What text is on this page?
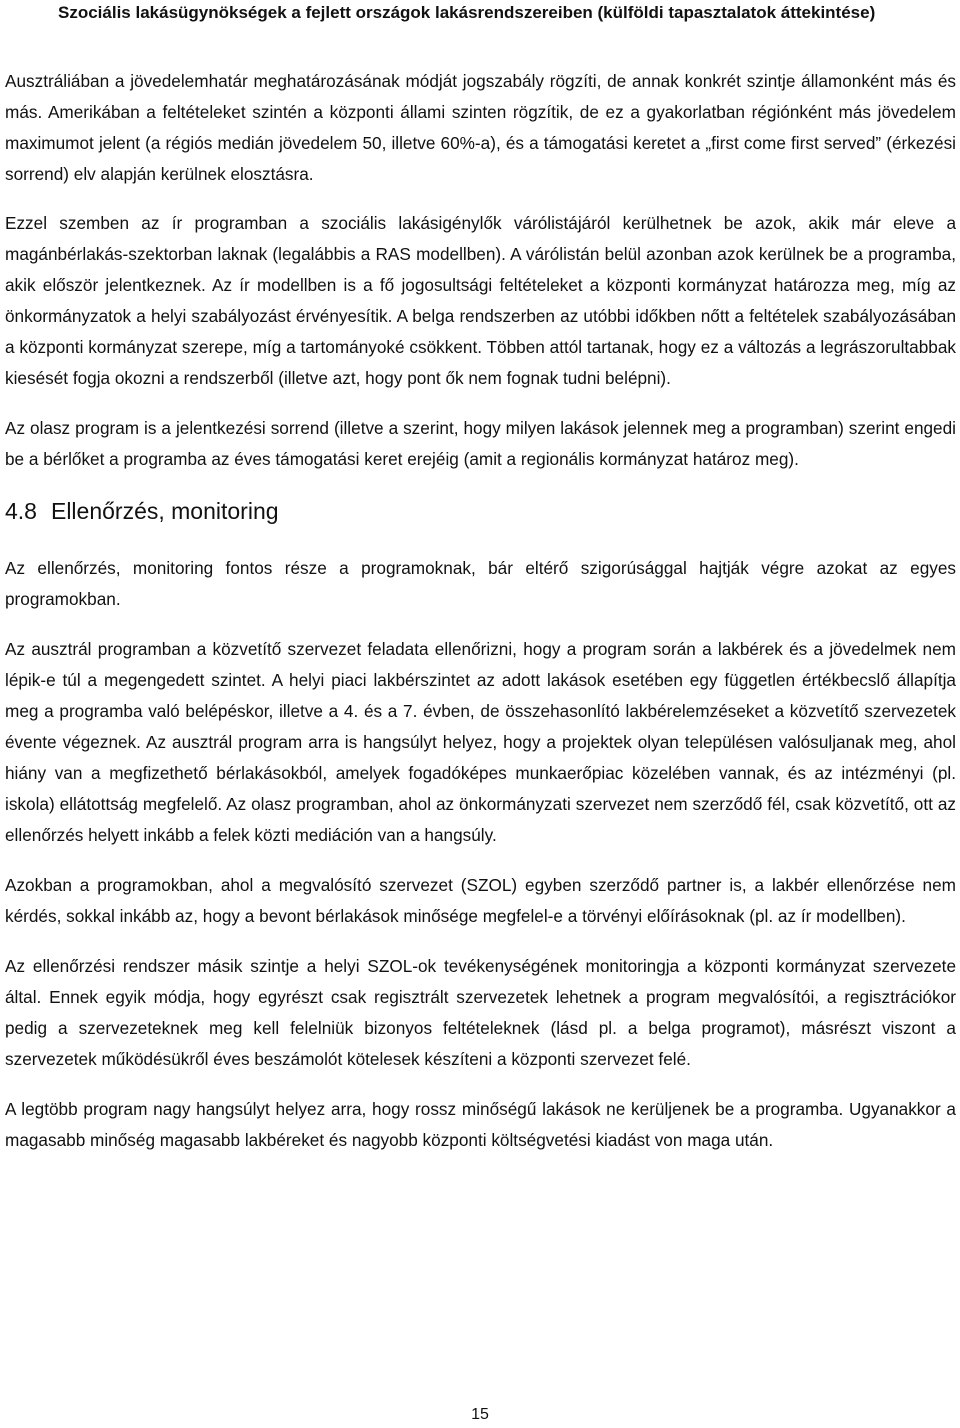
Szociális lakásügynökségek a fejlett országok lakásrendszereiben (külföldi tapasztalatok áttekintése)

Ausztráliában a jövedelemhatár meghatározásának módját jogszabály rögzíti, de annak konkrét szintje államonként más és más. Amerikában a feltételeket szintén a központi állami szinten rögzítik, de ez a gyakorlatban régiónként más jövedelem maximumot jelent (a régiós medián jövedelem 50, illetve 60%-a), és a támogatási keretet a „first come first served” (érkezési sorrend) elv alapján kerülnek elosztásra.

Ezzel szemben az ír programban a szociális lakásigénylők várólistájáról kerülhetnek be azok, akik már eleve a magánbérlakás-szektorban laknak (legalábbis a RAS modellben). A várólistán belül azonban azok kerülnek be a programba, akik először jelentkeznek. Az ír modellben is a fő jogosultsági feltételeket a központi kormányzat határozza meg, míg az önkormányzatok a helyi szabályozást érvényesítik. A belga rendszerben az utóbbi időkben nőtt a feltételek szabályozásában a központi kormányzat szerepe, míg a tartományoké csökkent. Többen attól tartanak, hogy ez a változás a legrászorultabbak kiesését fogja okozni a rendszerből (illetve azt, hogy pont ők nem fognak tudni belépni).

Az olasz program is a jelentkezési sorrend (illetve a szerint, hogy milyen lakások jelennek meg a programban) szerint engedi be a bérlőket a programba az éves támogatási keret erejéig (amit a regionális kormányzat határoz meg).

4.8 Ellenőrzés, monitoring

Az ellenőrzés, monitoring fontos része a programoknak, bár eltérő szigorúsággal hajtják végre azokat az egyes programokban.

Az ausztrál programban a közvetítő szervezet feladata ellenőrizni, hogy a program során a lakbérek és a jövedelmek nem lépik-e túl a megengedett szintet. A helyi piaci lakbérszintet az adott lakások esetében egy független értékbecslő állapítja meg a programba való belépéskor, illetve a 4. és a 7. évben, de összehasonlító lakbérelemzéseket a közvetítő szervezetek évente végeznek. Az ausztrál program arra is hangsúlyt helyez, hogy a projektek olyan településen valósuljanak meg, ahol hiány van a megfizethető bérlakásokból, amelyek fogadóképes munkaerőpiac közelében vannak, és az intézményi (pl. iskola) ellátottság megfelelő. Az olasz programban, ahol az önkormányzati szervezet nem szerződő fél, csak közvetítő, ott az ellenőrzés helyett inkább a felek közti mediáción van a hangsúly.

Azokban a programokban, ahol a megvalósító szervezet (SZOL) egyben szerződő partner is, a lakbér ellenőrzése nem kérdés, sokkal inkább az, hogy a bevont bérlakások minősége megfelel-e a törvényi előírásoknak (pl. az ír modellben).

Az ellenőrzési rendszer másik szintje a helyi SZOL-ok tevékenységének monitoringja a központi kormányzat szervezete által. Ennek egyik módja, hogy egyrészt csak regisztrált szervezetek lehetnek a program megvalósítói, a regisztrációkor pedig a szervezeteknek meg kell felelniük bizonyos feltételeknek (lásd pl. a belga programot), másrészt viszont a szervezetek működésükről éves beszámolót kötelesek készíteni a központi szervezet felé.

A legtöbb program nagy hangsúlyt helyez arra, hogy rossz minőségű lakások ne kerüljenek be a programba. Ugyanakkor a magasabb minőség magasabb lakbéreket és nagyobb központi költségvetési kiadást von maga után.

15
